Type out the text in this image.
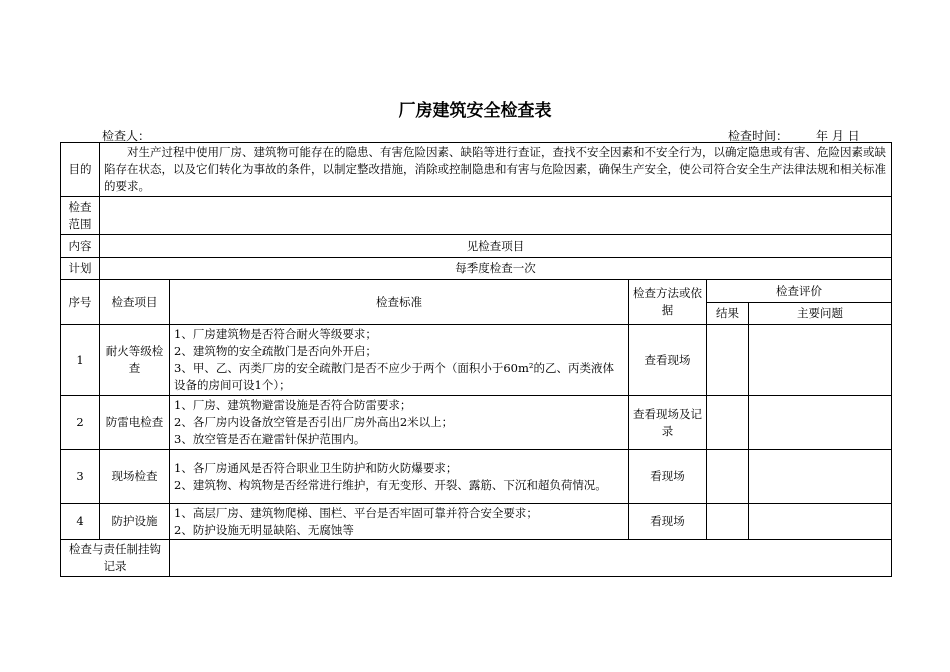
厂房建筑安全检查表
检查人：	检查时间： 年 月 日
目的	对生产过程中使用厂房、建筑物可能存在的隐患、有害危险因素、缺陷等进行查证，查找不安全因素和不安全行为，以确定隐患或有害、危险因素或缺陷存在状态，以及它们转化为事故的条件，以制定整改措施，消除或控制隐患和有害与危险因素，确保生产安全，使公司符合安全生产法律法规和相关标准的要求。				
检查范围					
内容	见检查项目				
计划	每季度检查一次				
序号	检查项目	检查标准	检查方法或依据	检查评价	
				结果	主要问题
1	耐火等级检查	1、厂房建筑物是否符合耐火等级要求；
2、建筑物的安全疏散门是否向外开启；
3、甲、乙、丙类厂房的安全疏散门是否不应少于两个（面积小于60m²的乙、丙类液体设备的房间可设1个）；	查看现场		
2	防雷电检查	1、厂房、建筑物避雷设施是否符合防雷要求；
2、各厂房内设备放空管是否引出厂房外高出2米以上；
3、放空管是否在避雷针保护范围内。	查看现场及记录		
3	现场检查	1、各厂房通风是否符合职业卫生防护和防火防爆要求；
2、建筑物、构筑物是否经常进行维护，有无变形、开裂、露筋、下沉和超负荷情况。	看现场		
4	防护设施	1、高层厂房、建筑物爬梯、围栏、平台是否牢固可靠并符合安全要求；
2、防护设施无明显缺陷、无腐蚀等	看现场		
检查与责任制挂钩记录					
